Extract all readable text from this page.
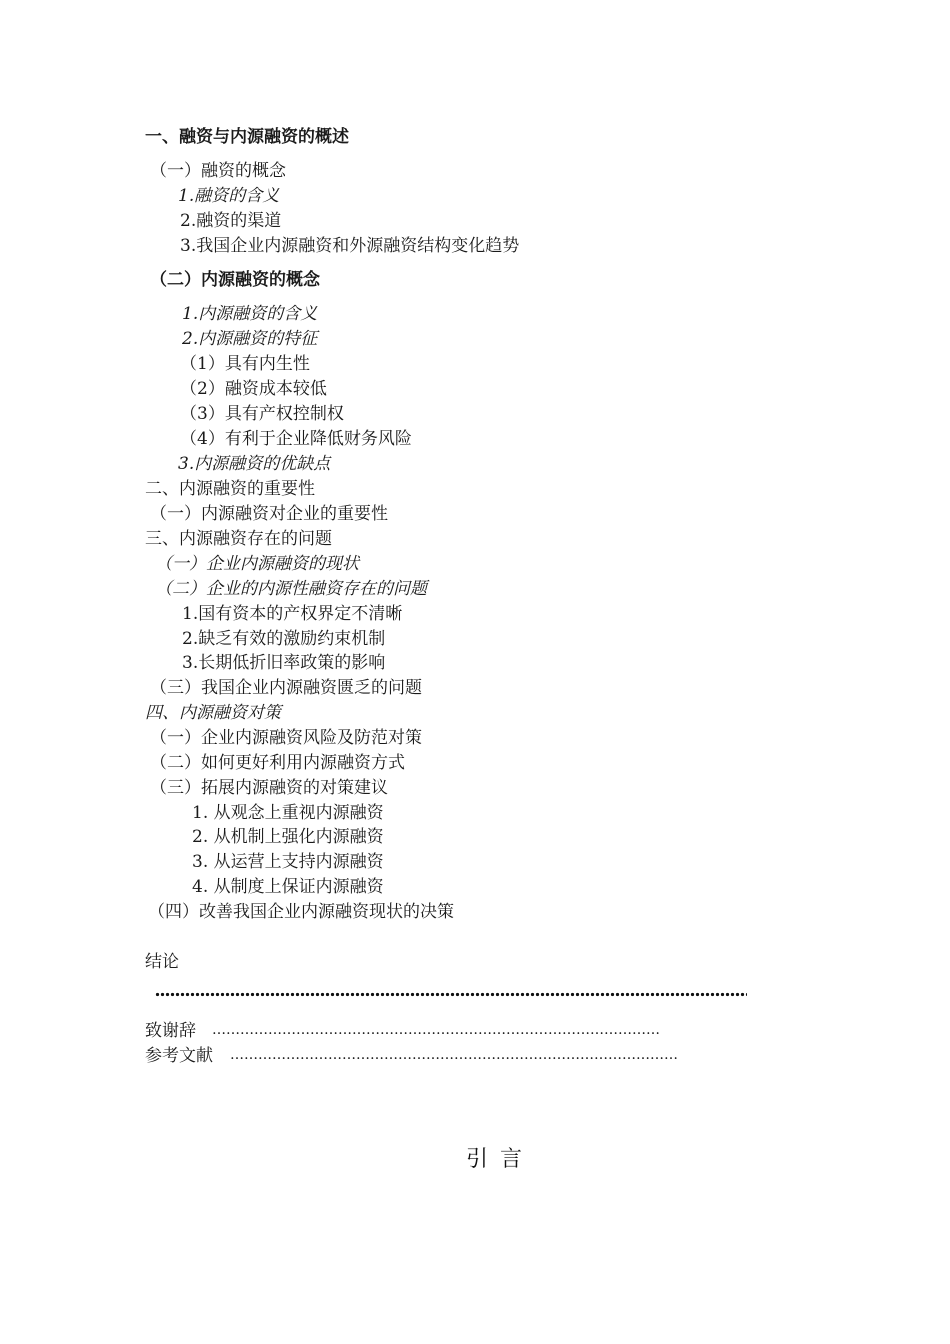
一、融资与内源融资的概述
（一）融资的概念
1.融资的含义
2.融资的渠道
3.我国企业内源融资和外源融资结构变化趋势
（二）内源融资的概念
1.内源融资的含义
2.内源融资的特征
（1）具有内生性
（2）融资成本较低
（3）具有产权控制权
（4）有利于企业降低财务风险
3.内源融资的优缺点
二、内源融资的重要性
（一）内源融资对企业的重要性
三、内源融资存在的问题
（一）企业内源融资的现状
（二）企业的内源性融资存在的问题
1.国有资本的产权界定不清晰
2.缺乏有效的激励约束机制
3.长期低折旧率政策的影响
（三）我国企业内源融资匮乏的问题
四、内源融资对策
（一）企业内源融资风险及防范对策
（二）如何更好利用内源融资方式
（三）拓展内源融资的对策建议
1. 从观念上重视内源融资
2. 从机制上强化内源融资
3. 从运营上支持内源融资
4. 从制度上保证内源融资
（四）改善我国企业内源融资现状的决策
结论
致谢辞 ……………………………………………………………………………………
参考文献 ……………………………………………………………………………………
引言
